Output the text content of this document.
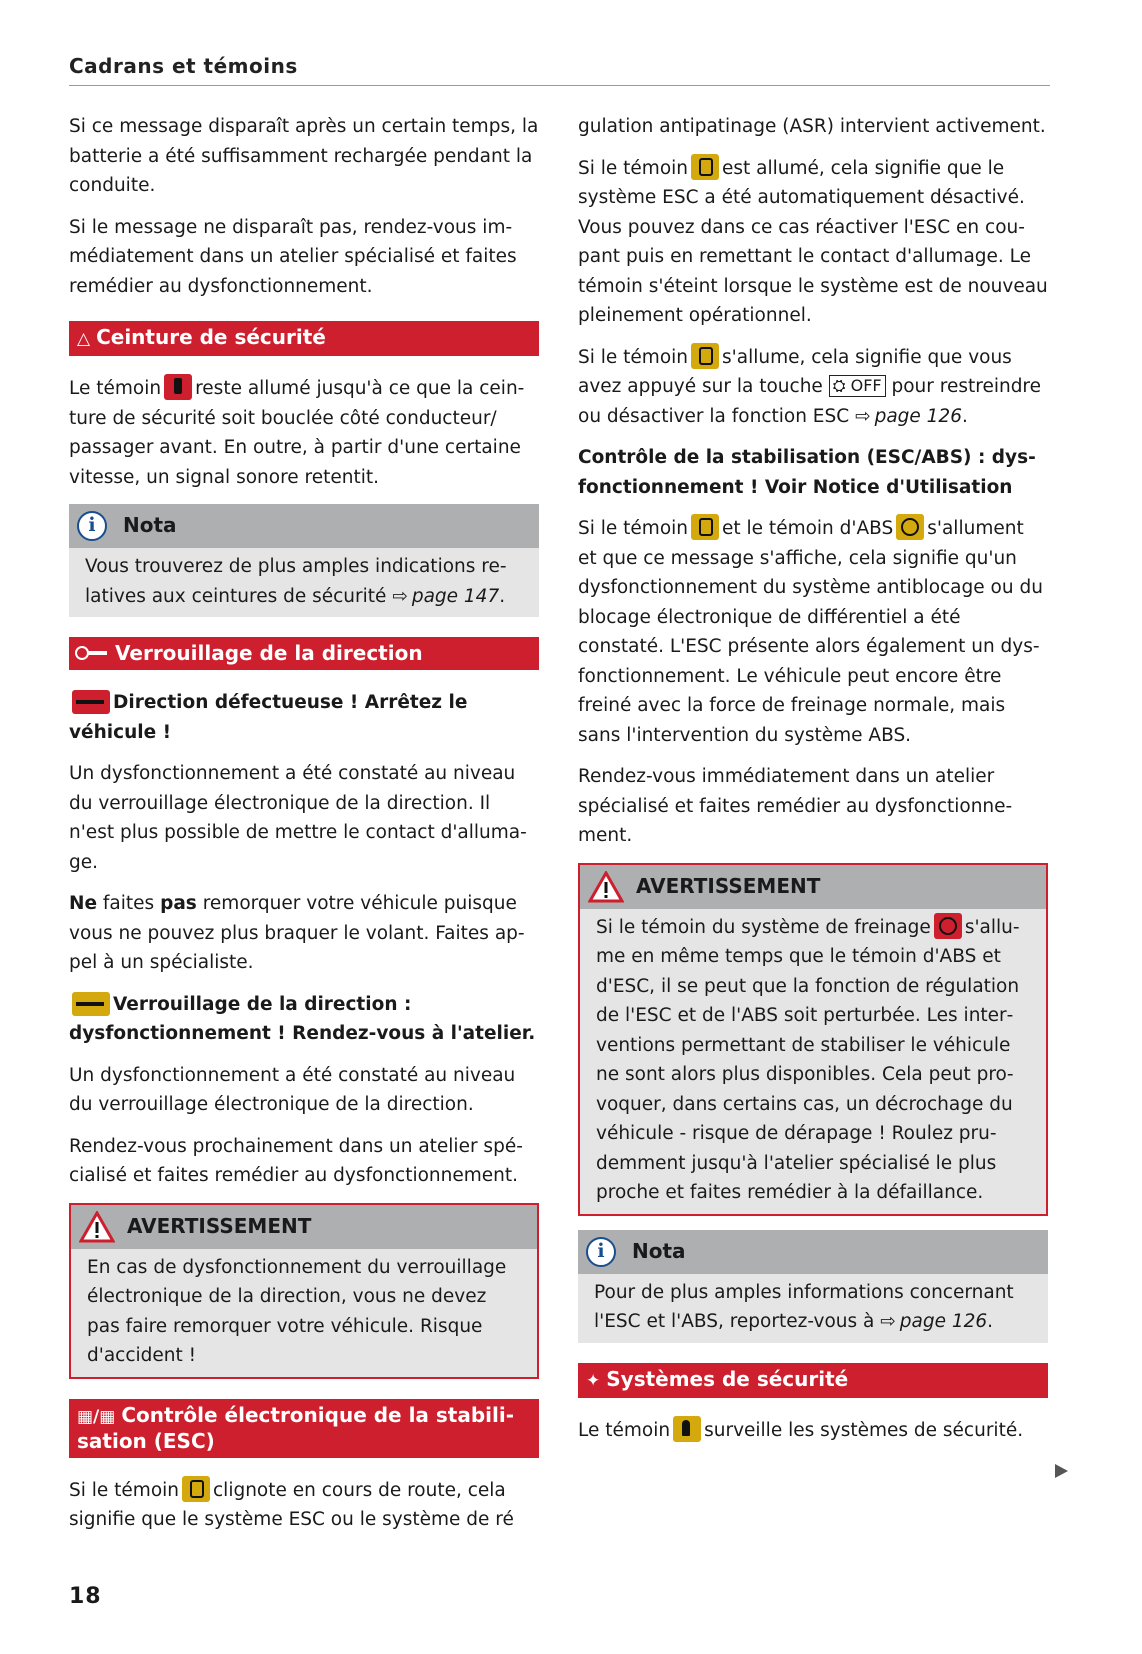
Cadrans et témoins

Si ce message disparaît après un certain temps, la batterie a été suffisamment rechargée pendant la conduite.

Si le message ne disparaît pas, rendez-vous immédiatement dans un atelier spécialisé et faites remédier au dysfonctionnement.

△ Ceinture de sécurité

Le témoin reste allumé jusqu'à ce que la ceinture de sécurité soit bouclée côté conducteur/ passager avant. En outre, à partir d'une certaine vitesse, un signal sonore retentit.

i	Nota
Vous trouverez de plus amples indications relatives aux ceintures de sécurité ⇨ page 147.
Verrouillage de la direction
Direction défectueuse ! Arrêtez le véhicule !

Un dysfonctionnement a été constaté au niveau du verrouillage électronique de la direction. Il n'est plus possible de mettre le contact d'allumage.

Ne faites pas remorquer votre véhicule puisque vous ne pouvez plus braquer le volant. Faites appel à un spécialiste.

Verrouillage de la direction : dysfonctionnement ! Rendez-vous à l'atelier.

Un dysfonctionnement a été constaté au niveau du verrouillage électronique de la direction.

Rendez-vous prochainement dans un atelier spécialisé et faites remédier au dysfonctionnement.

AVERTISSEMENT
En cas de dysfonctionnement du verrouillage électronique de la direction, vous ne devez pas faire remorquer votre véhicule. Risque d'accident !
▦/▦ Contrôle électronique de la stabilisation (ESC)

Si le témoin clignote en cours de route, cela signifie que le système ESC ou le système de ré

gulation antipatinage (ASR) intervient activement.

Si le témoin est allumé, cela signifie que le système ESC a été automatiquement désactivé. Vous pouvez dans ce cas réactiver l'ESC en coupant puis en remettant le contact d'allumage. Le témoin s'éteint lorsque le système est de nouveau pleinement opérationnel.

Si le témoin s'allume, cela signifie que vous avez appuyé sur la touche ⛭ OFF pour restreindre ou désactiver la fonction ESC ⇨ page 126.

Contrôle de la stabilisation (ESC/ABS) : dysfonctionnement ! Voir Notice d'Utilisation

Si le témoin et le témoin d'ABS s'allument et que ce message s'affiche, cela signifie qu'un dysfonctionnement du système antiblocage ou du blocage électronique de différentiel a été constaté. L'ESC présente alors également un dysfonctionnement. Le véhicule peut encore être freiné avec la force de freinage normale, mais sans l'intervention du système ABS.

Rendez-vous immédiatement dans un atelier spécialisé et faites remédier au dysfonctionnement.

AVERTISSEMENT
Si le témoin du système de freinage s'allume en même temps que le témoin d'ABS et d'ESC, il se peut que la fonction de régulation de l'ESC et de l'ABS soit perturbée. Les interventions permettant de stabiliser le véhicule ne sont alors plus disponibles. Cela peut provoquer, dans certains cas, un décrochage du véhicule - risque de dérapage ! Roulez prudemment jusqu'à l'atelier spécialisé le plus proche et faites remédier à la défaillance.
i	Nota
Pour de plus amples informations concernant l'ESC et l'ABS, reportez-vous à ⇨ page 126.
✦ Systèmes de sécurité

Le témoin surveille les systèmes de sécurité.

18
